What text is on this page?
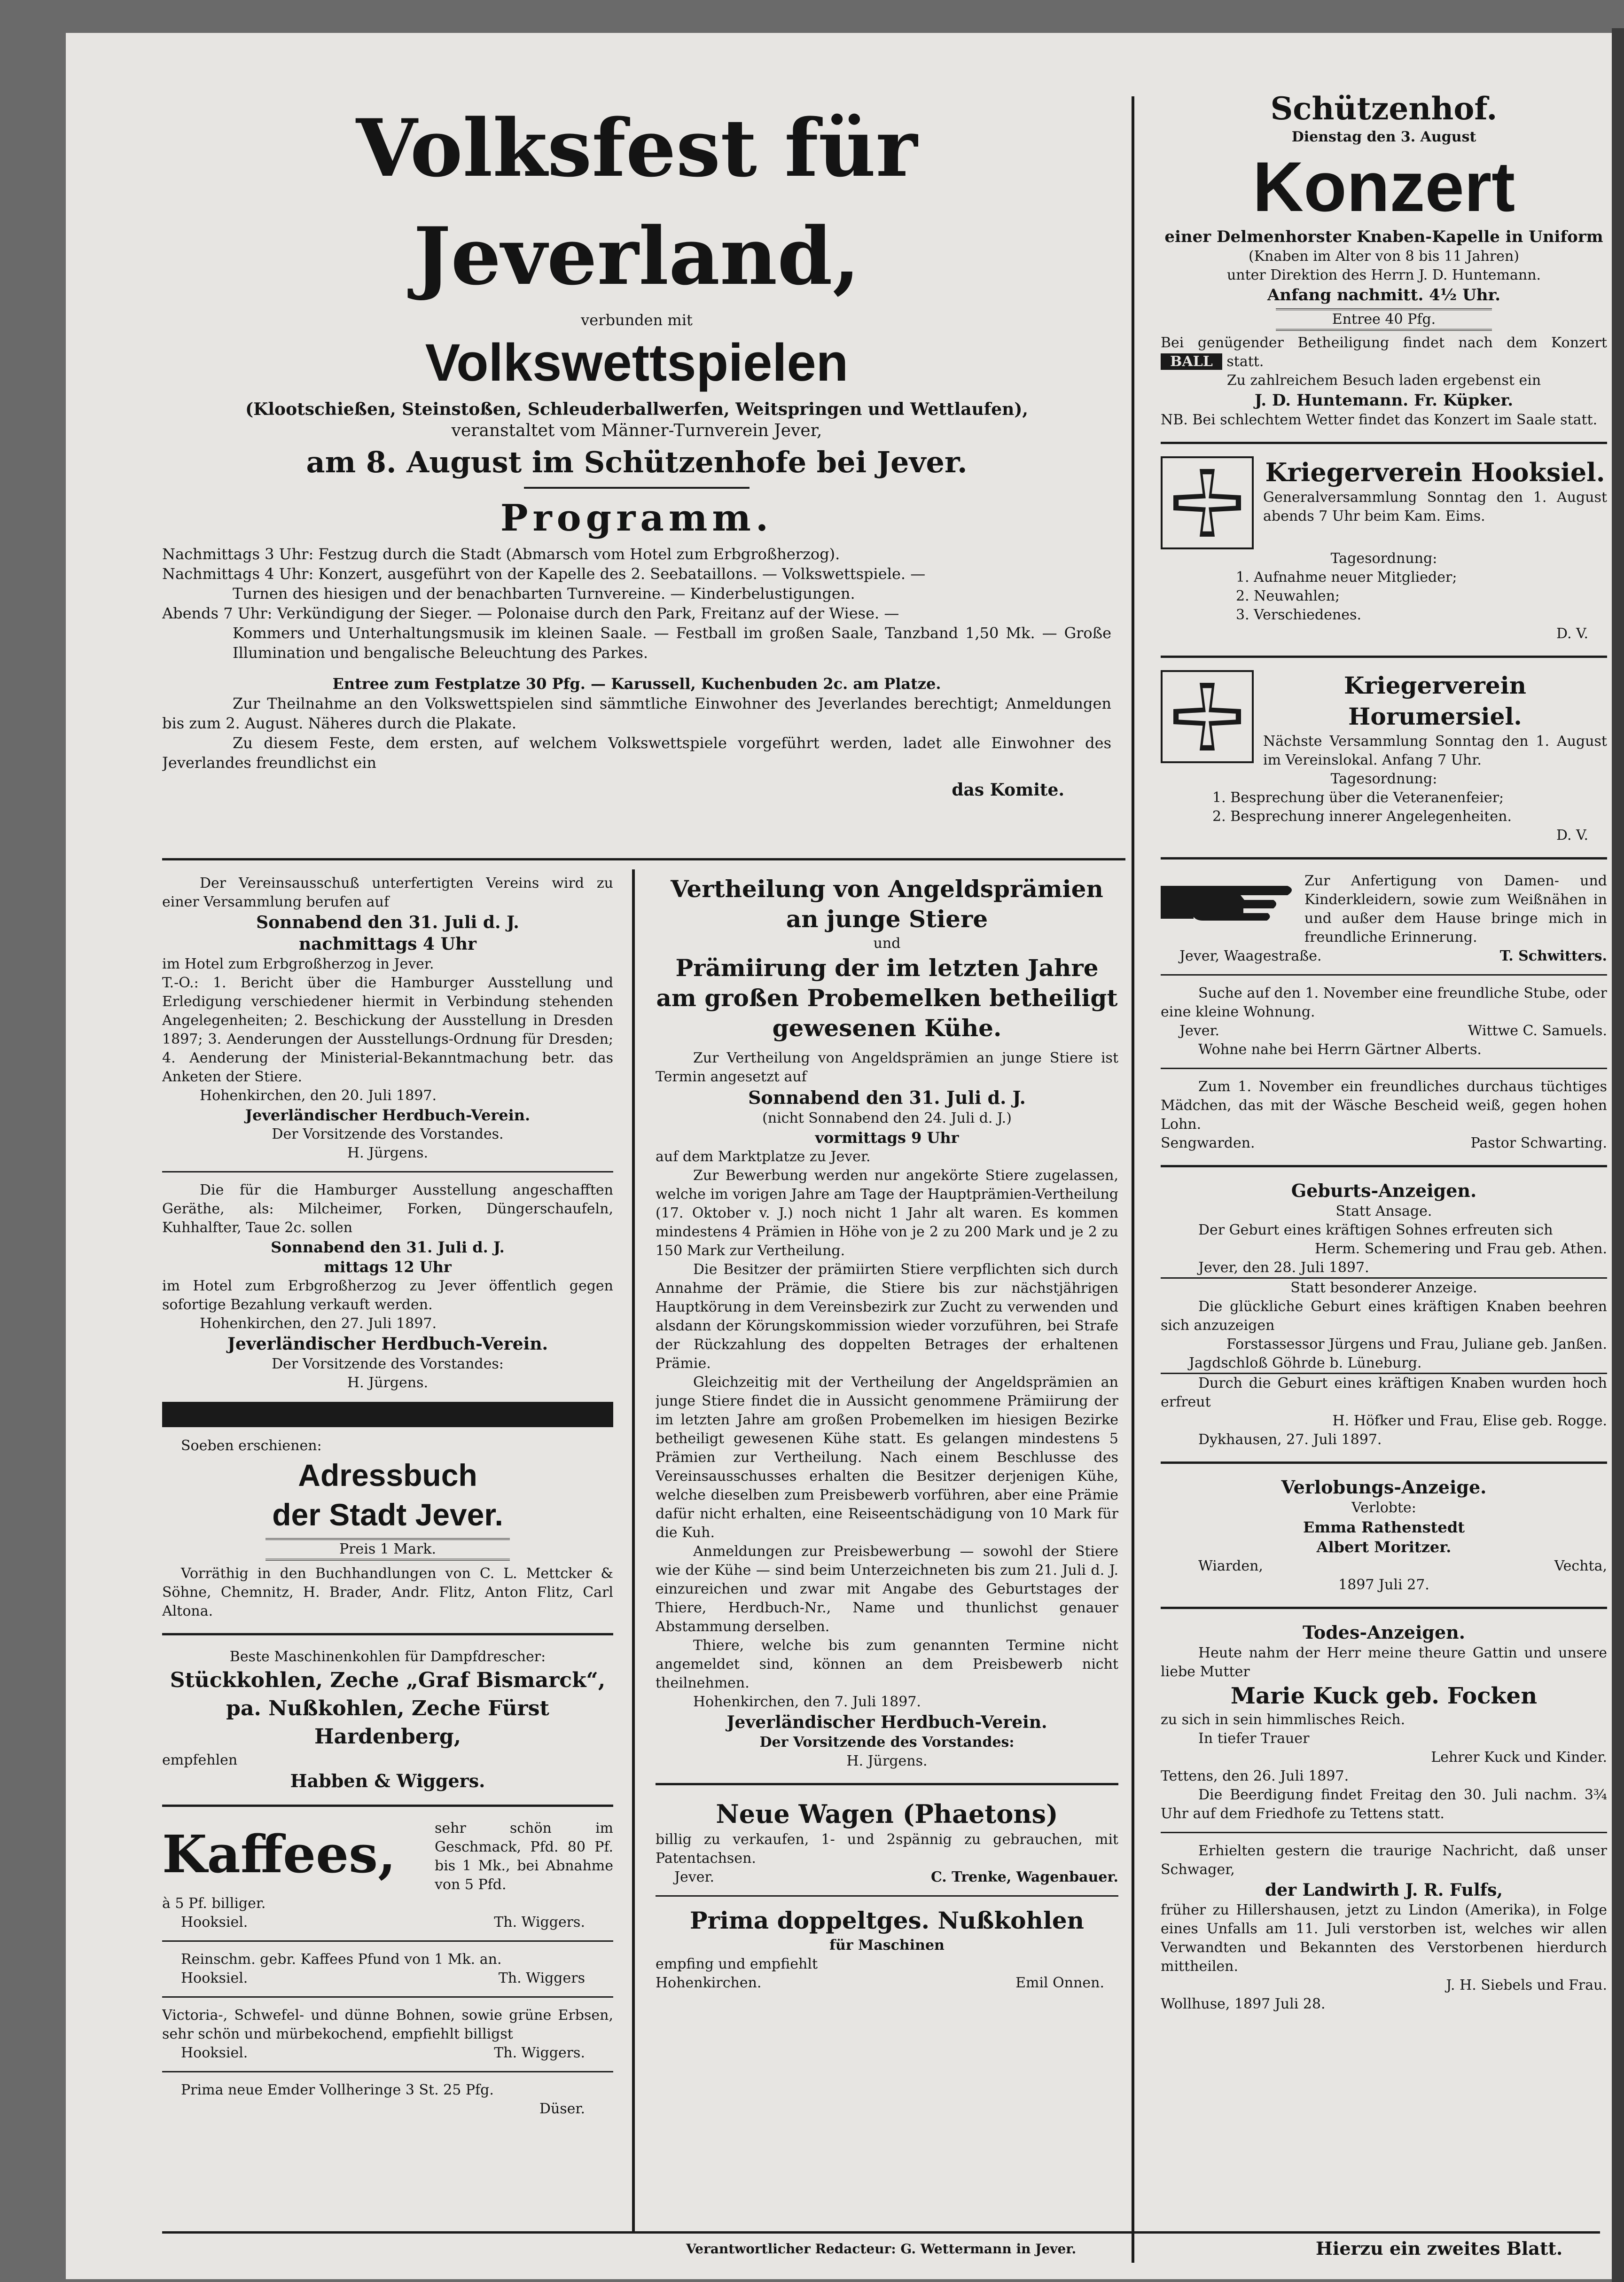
Volksfest für Jeverland,

verbunden mit

Volkswettspielen

(Klootschießen, Steinstoßen, Schleuderballwerfen, Weitspringen und Wettlaufen),

veranstaltet vom Männer-Turnverein Jever,

am 8. August im Schützenhofe bei Jever.

Programm.

Nachmittags 3 Uhr: Festzug durch die Stadt (Abmarsch vom Hotel zum Erbgroßherzog).

Nachmittags 4 Uhr: Konzert, ausgeführt von der Kapelle des 2. Seebataillons. — Volkswettspiele. —

Turnen des hiesigen und der benachbarten Turnvereine. — Kinderbelustigungen.

Abends 7 Uhr: Verkündigung der Sieger. — Polonaise durch den Park, Freitanz auf der Wiese. —

Kommers und Unterhaltungsmusik im kleinen Saale. — Festball im großen Saale, Tanzband 1,50 Mk. — Große Illumination und bengalische Beleuchtung des Parkes.

Entree zum Festplatze 30 Pfg. — Karussell, Kuchenbuden 2c. am Platze.

Zur Theilnahme an den Volkswettspielen sind sämmtliche Einwohner des Jeverlandes berechtigt; Anmeldungen bis zum 2. August. Näheres durch die Plakate.

Zu diesem Feste, dem ersten, auf welchem Volkswettspiele vorgeführt werden, ladet alle Einwohner des Jeverlandes freundlichst ein

das Komite.

Der Vereinsausschuß unterfertigten Vereins wird zu einer Versammlung berufen auf

Sonnabend den 31. Juli d. J.

nachmittags 4 Uhr

im Hotel zum Erbgroßherzog in Jever.

T.-O.: 1. Bericht über die Hamburger Ausstellung und Erledigung verschiedener hiermit in Verbindung stehenden Angelegenheiten; 2. Beschickung der Ausstellung in Dresden 1897; 3. Aenderungen der Ausstellungs-Ordnung für Dresden; 4. Aenderung der Ministerial-Bekanntmachung betr. das Anketen der Stiere.

Hohenkirchen, den 20. Juli 1897.

Jeverländischer Herdbuch-Verein.

Der Vorsitzende des Vorstandes.

H. Jürgens.

Die für die Hamburger Ausstellung angeschafften Geräthe, als: Milcheimer, Forken, Düngerschaufeln, Kuhhalfter, Taue 2c. sollen

Sonnabend den 31. Juli d. J.

mittags 12 Uhr

im Hotel zum Erbgroßherzog zu Jever öffentlich gegen sofortige Bezahlung verkauft werden.

Hohenkirchen, den 27. Juli 1897.

Jeverländischer Herdbuch-Verein.

Der Vorsitzende des Vorstandes:

H. Jürgens.

Soeben erschienen:

Adressbuch

der Stadt Jever.

Preis 1 Mark.

Vorräthig in den Buchhandlungen von C. L. Mettcker & Söhne, Chemnitz, H. Brader, Andr. Flitz, Anton Flitz, Carl Altona.

Beste Maschinenkohlen für Dampfdrescher:

Stückkohlen, Zeche „Graf Bismarck“,

pa. Nußkohlen, Zeche Fürst Hardenberg,

empfehlen

Habben & Wiggers.

Kaffees,	sehr schön im Geschmack, Pfd. 80 Pf. bis 1 Mk., bei Abnahme von 5 Pfd.

à 5 Pf. billiger.

Hooksiel.	Th. Wiggers.

Reinschm. gebr. Kaffees Pfund von 1 Mk. an.

Hooksiel.	Th. Wiggers

Victoria-, Schwefel- und dünne Bohnen, sowie grüne Erbsen, sehr schön und mürbekochend, empfiehlt billigst

Hooksiel.	Th. Wiggers.

Prima neue Emder Vollheringe 3 St. 25 Pfg.

Düser.

Vertheilung von Angeldsprämien

an junge Stiere

und

Prämiirung der im letzten Jahre

am großen Probemelken betheiligt

gewesenen Kühe.

Zur Vertheilung von Angeldsprämien an junge Stiere ist Termin angesetzt auf

Sonnabend den 31. Juli d. J.

(nicht Sonnabend den 24. Juli d. J.)

vormittags 9 Uhr

auf dem Marktplatze zu Jever.

Zur Bewerbung werden nur angekörte Stiere zugelassen, welche im vorigen Jahre am Tage der Hauptprämien-Vertheilung (17. Oktober v. J.) noch nicht 1 Jahr alt waren. Es kommen mindestens 4 Prämien in Höhe von je 2 zu 200 Mark und je 2 zu 150 Mark zur Vertheilung.

Die Besitzer der prämiirten Stiere verpflichten sich durch Annahme der Prämie, die Stiere bis zur nächstjährigen Hauptkörung in dem Vereinsbezirk zur Zucht zu verwenden und alsdann der Körungskommission wieder vorzuführen, bei Strafe der Rückzahlung des doppelten Betrages der erhaltenen Prämie.

Gleichzeitig mit der Vertheilung der Angeldsprämien an junge Stiere findet die in Aussicht genommene Prämiirung der im letzten Jahre am großen Probemelken im hiesigen Bezirke betheiligt gewesenen Kühe statt. Es gelangen mindestens 5 Prämien zur Vertheilung. Nach einem Beschlusse des Vereinsausschusses erhalten die Besitzer derjenigen Kühe, welche dieselben zum Preisbewerb vorführen, aber eine Prämie dafür nicht erhalten, eine Reiseentschädigung von 10 Mark für die Kuh.

Anmeldungen zur Preisbewerbung — sowohl der Stiere wie der Kühe — sind beim Unterzeichneten bis zum 21. Juli d. J. einzureichen und zwar mit Angabe des Geburtstages der Thiere, Herdbuch-Nr., Name und thunlichst genauer Abstammung derselben.

Thiere, welche bis zum genannten Termine nicht angemeldet sind, können an dem Preisbewerb nicht theilnehmen.

Hohenkirchen, den 7. Juli 1897.

Jeverländischer Herdbuch-Verein.

Der Vorsitzende des Vorstandes:

H. Jürgens.

Neue Wagen (Phaetons)

billig zu verkaufen, 1- und 2spännig zu gebrauchen, mit Patentachsen.

Jever.	C. Trenke, Wagenbauer.

Prima doppeltges. Nußkohlen

für Maschinen

empfing und empfiehlt

Hohenkirchen.	Emil Onnen.

Schützenhof.

Dienstag den 3. August

Konzert

einer Delmenhorster Knaben-Kapelle in Uniform

(Knaben im Alter von 8 bis 11 Jahren)

unter Direktion des Herrn J. D. Huntemann.

Anfang nachmitt. 4½ Uhr.

Entree 40 Pfg.

Bei genügender Betheiligung findet nach dem Konzert BALL statt.

Zu zahlreichem Besuch laden ergebenst ein

J. D. Huntemann. Fr. Küpker.

NB. Bei schlechtem Wetter findet das Konzert im Saale statt.

Kriegerverein Hooksiel.

Generalversammlung Sonntag den 1. August abends 7 Uhr beim Kam. Eims.

Tagesordnung:

1. Aufnahme neuer Mitglieder;

2. Neuwahlen;

3. Verschiedenes.

D. V.

Kriegerverein Horumersiel.

Nächste Versammlung Sonntag den 1. August im Vereinslokal. Anfang 7 Uhr.

Tagesordnung:

1. Besprechung über die Veteranenfeier;

2. Besprechung innerer Angelegenheiten.

D. V.

Zur Anfertigung von Damen- und Kinderkleidern, sowie zum Weißnähen in und außer dem Hause bringe mich in freundliche Erinnerung.

Jever, Waagestraße.	T. Schwitters.

Suche auf den 1. November eine freundliche Stube, oder eine kleine Wohnung.

Jever.	Wittwe C. Samuels.

Wohne nahe bei Herrn Gärtner Alberts.

Zum 1. November ein freundliches durchaus tüchtiges Mädchen, das mit der Wäsche Bescheid weiß, gegen hohen Lohn.

Sengwarden.	Pastor Schwarting.

Geburts-Anzeigen.

Statt Ansage.

Der Geburt eines kräftigen Sohnes erfreuten sich

Herm. Schemering und Frau geb. Athen.

Jever, den 28. Juli 1897.

Statt besonderer Anzeige.

Die glückliche Geburt eines kräftigen Knaben beehren sich anzuzeigen

Forstassessor Jürgens und Frau, Juliane geb. Janßen.

Jagdschloß Göhrde b. Lüneburg.

Durch die Geburt eines kräftigen Knaben wurden hoch erfreut

H. Höfker und Frau, Elise geb. Rogge.

Dykhausen, 27. Juli 1897.

Verlobungs-Anzeige.

Verlobte:

Emma Rathenstedt

Albert Moritzer.

Wiarden,	Vechta,

1897 Juli 27.

Todes-Anzeigen.

Heute nahm der Herr meine theure Gattin und unsere liebe Mutter

Marie Kuck geb. Focken

zu sich in sein himmlisches Reich.

In tiefer Trauer

Lehrer Kuck und Kinder.

Tettens, den 26. Juli 1897.

Die Beerdigung findet Freitag den 30. Juli nachm. 3¾ Uhr auf dem Friedhofe zu Tettens statt.

Erhielten gestern die traurige Nachricht, daß unser Schwager,

der Landwirth J. R. Fulfs,

früher zu Hillershausen, jetzt zu Lindon (Amerika), in Folge eines Unfalls am 11. Juli verstorben ist, welches wir allen Verwandten und Bekannten des Verstorbenen hierdurch mittheilen.

J. H. Siebels und Frau.

Wollhuse, 1897 Juli 28.

Verantwortlicher Redacteur: G. Wettermann in Jever.	Hierzu ein zweites Blatt.
